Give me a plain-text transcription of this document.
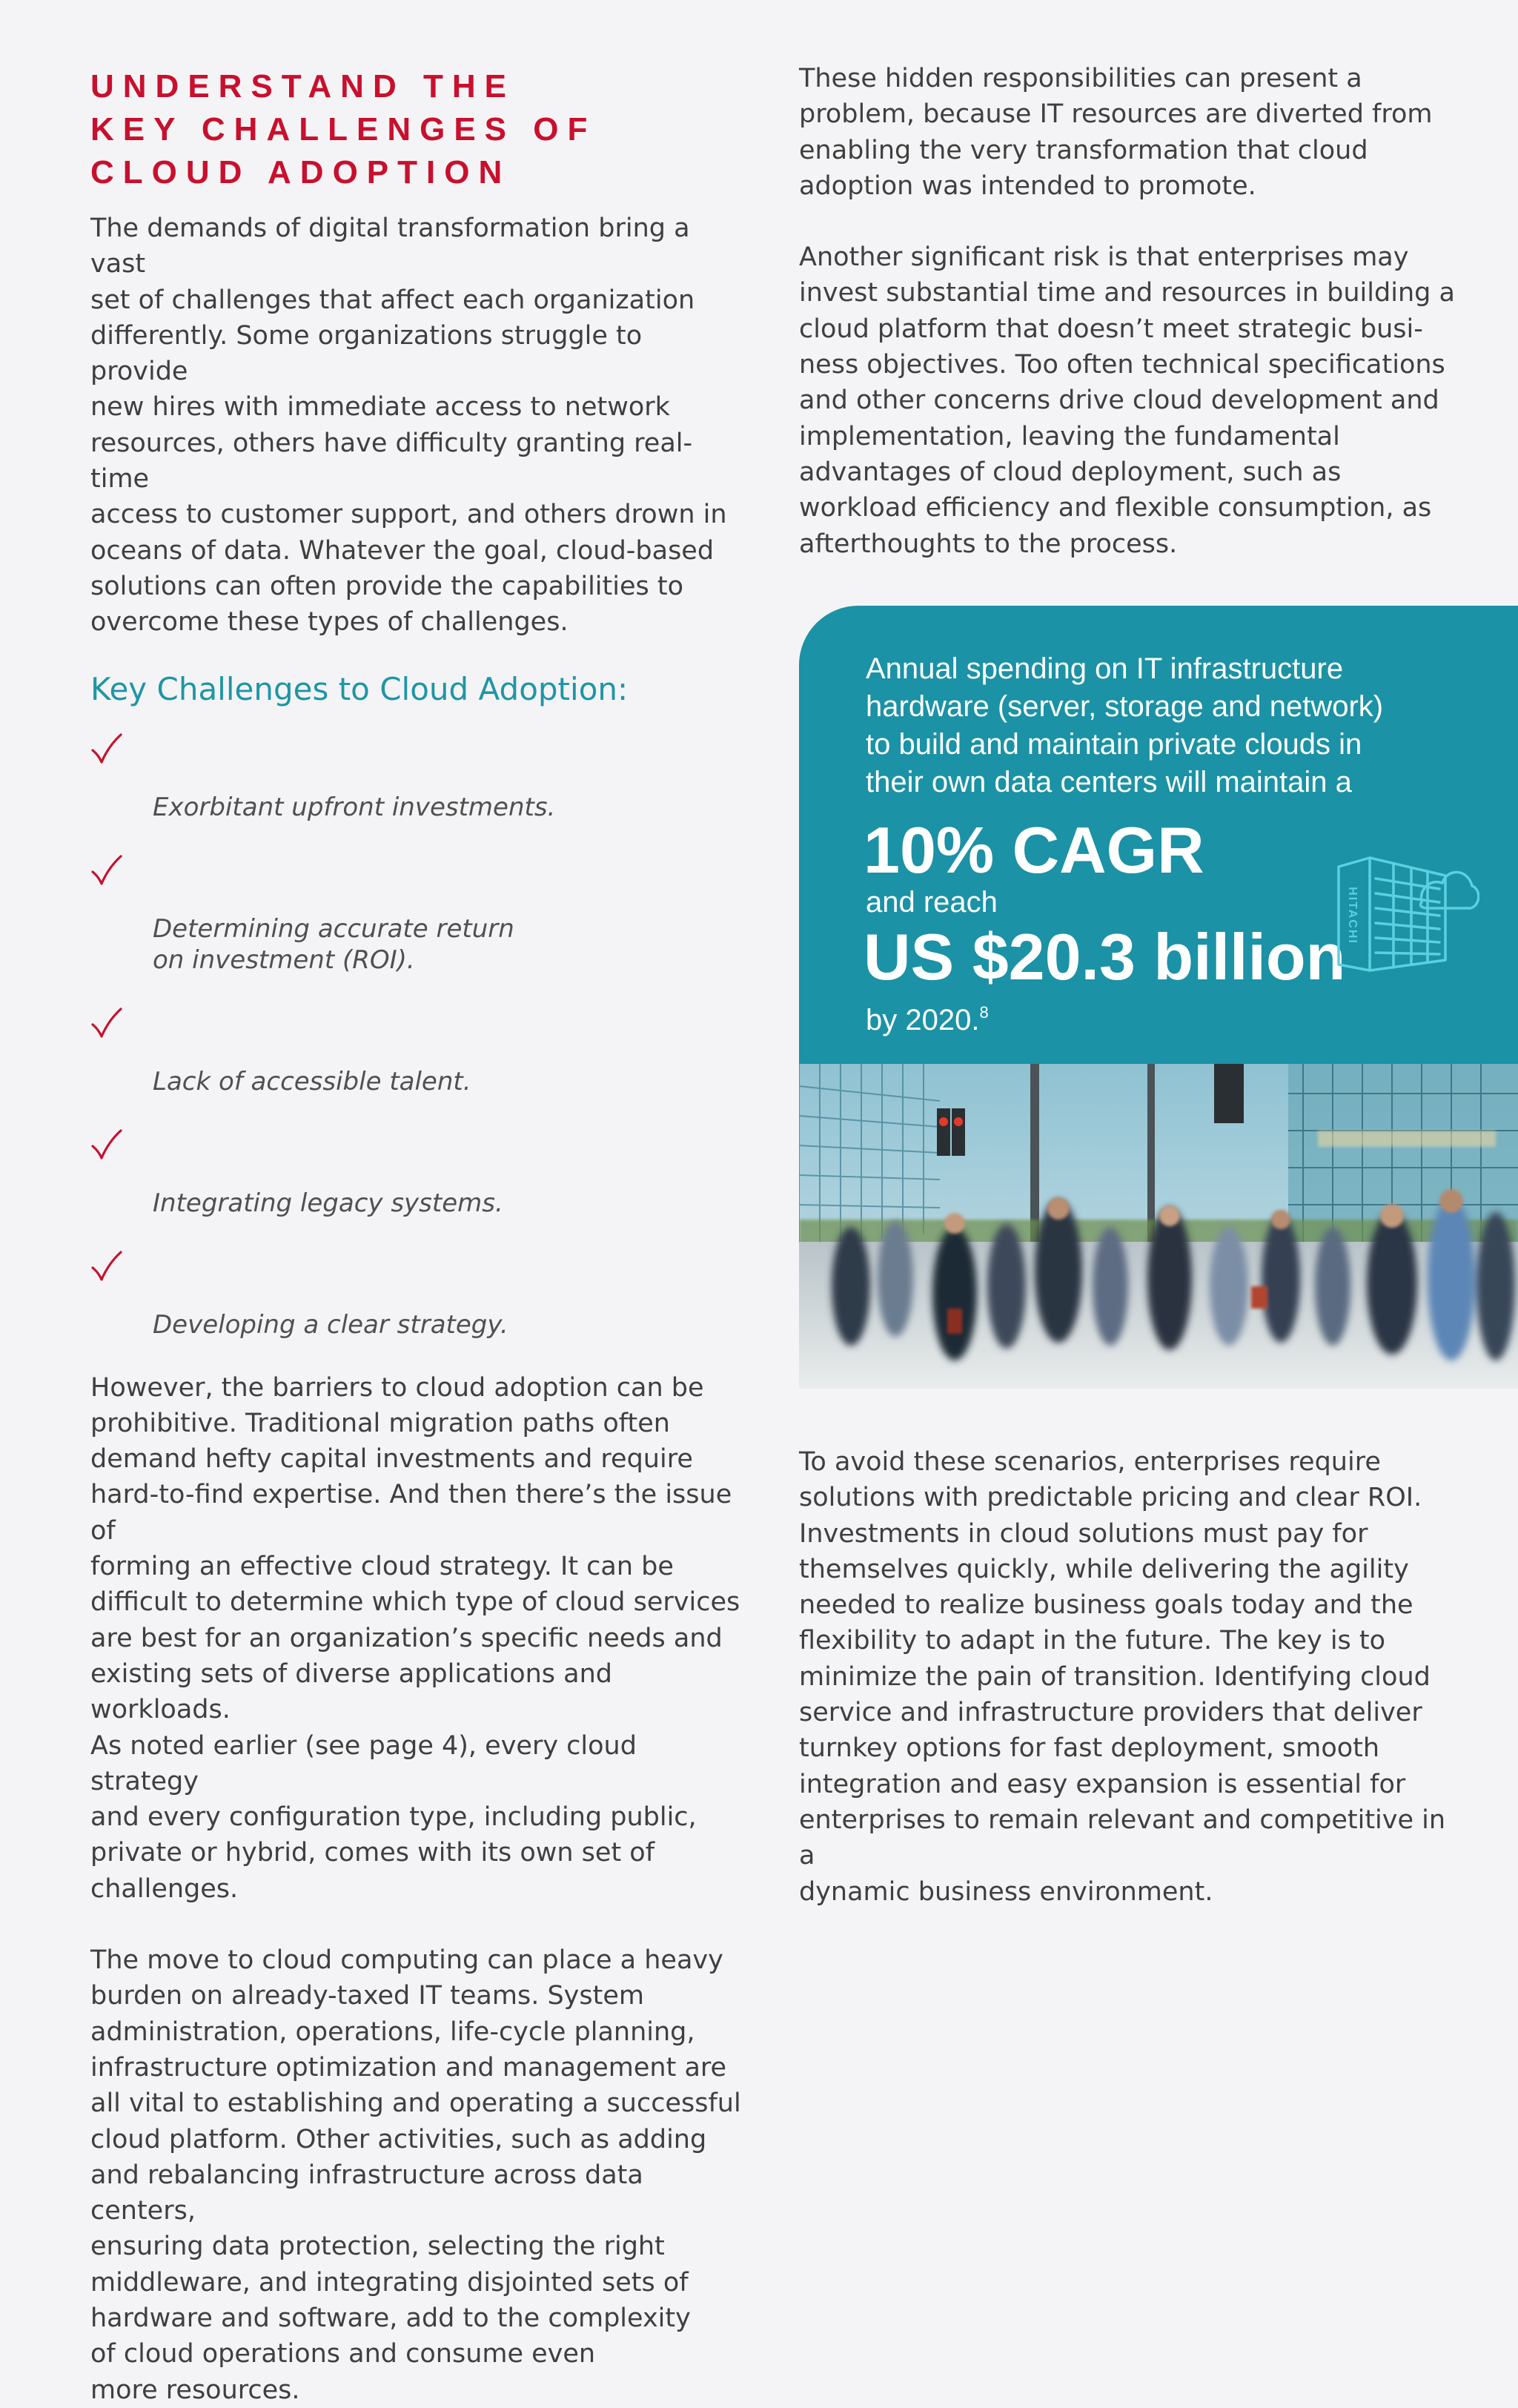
UNDERSTAND THE
KEY CHALLENGES OF
CLOUD ADOPTION

The demands of digital transformation bring a vast
set of challenges that affect each organization
differently. Some organizations struggle to provide
new hires with immediate access to network
resources, others have difficulty granting real-time
access to customer support, and others drown in
oceans of data. Whatever the goal, cloud-based
solutions can often provide the capabilities to
overcome these types of challenges.

Key Challenges to Cloud Adoption:

Exorbitant upfront investments.

Determining accurate return
on investment (ROI).

Lack of accessible talent.

Integrating legacy systems.

Developing a clear strategy.

However, the barriers to cloud adoption can be
prohibitive. Traditional migration paths often
demand hefty capital investments and require
hard-to-find expertise. And then there’s the issue of
forming an effective cloud strategy. It can be
difficult to determine which type of cloud services
are best for an organization’s specific needs and
existing sets of diverse applications and workloads.
As noted earlier (see page 4), every cloud strategy
and every configuration type, including public,
private or hybrid, comes with its own set of
challenges.

The move to cloud computing can place a heavy
burden on already-taxed IT teams. System
administration, operations, life-cycle planning,
infrastructure optimization and management are
all vital to establishing and operating a successful
cloud platform. Other activities, such as adding
and rebalancing infrastructure across data centers,
ensuring data protection, selecting the right
middleware, and integrating disjointed sets of
hardware and software, add to the complexity
of cloud operations and consume even
more resources.

These hidden responsibilities can present a
problem, because IT resources are diverted from
enabling the very transformation that cloud
adoption was intended to promote.

Another significant risk is that enterprises may
invest substantial time and resources in building a
cloud platform that doesn’t meet strategic busi-
ness objectives. Too often technical specifications
and other concerns drive cloud development and
implementation, leaving the fundamental
advantages of cloud deployment, such as
workload efficiency and flexible consumption, as
afterthoughts to the process.

Annual spending on IT infrastructure
hardware (server, storage and network)
to build and maintain private clouds in
their own data centers will maintain a

10% CAGR
and reach
US $20.3 billion

by 2020.$^8$

HITACHI

To avoid these scenarios, enterprises require
solutions with predictable pricing and clear ROI.
Investments in cloud solutions must pay for
themselves quickly, while delivering the agility
needed to realize business goals today and the
flexibility to adapt in the future. The key is to
minimize the pain of transition. Identifying cloud
service and infrastructure providers that deliver
turnkey options for fast deployment, smooth
integration and easy expansion is essential for
enterprises to remain relevant and competitive in a
dynamic business environment.
